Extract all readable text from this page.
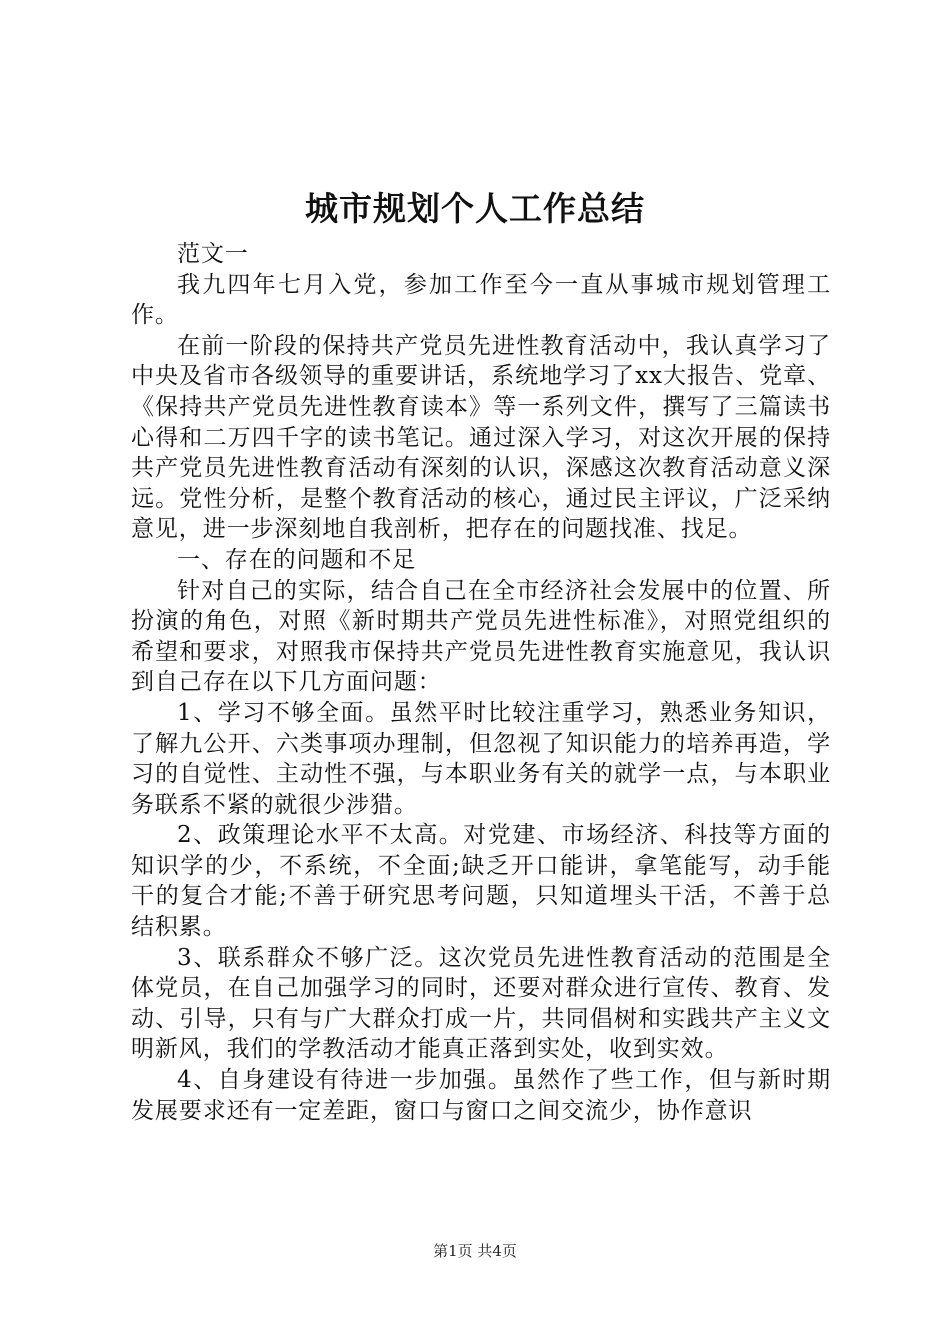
城市规划个人工作总结

范文一

我九四年七月入党，参加工作至今一直从事城市规划管理工作。

在前一阶段的保持共产党员先进性教育活动中，我认真学习了中央及省市各级领导的重要讲话，系统地学习了xx大报告、党章、《保持共产党员先进性教育读本》等一系列文件，撰写了三篇读书心得和二万四千字的读书笔记。通过深入学习，对这次开展的保持共产党员先进性教育活动有深刻的认识，深感这次教育活动意义深远。党性分析，是整个教育活动的核心，通过民主评议，广泛采纳意见，进一步深刻地自我剖析，把存在的问题找准、找足。

一、存在的问题和不足

针对自己的实际，结合自己在全市经济社会发展中的位置、所扮演的角色，对照《新时期共产党员先进性标准》，对照党组织的希望和要求，对照我市保持共产党员先进性教育实施意见，我认识到自己存在以下几方面问题：

1、学习不够全面。虽然平时比较注重学习，熟悉业务知识，了解九公开、六类事项办理制，但忽视了知识能力的培养再造，学习的自觉性、主动性不强，与本职业务有关的就学一点，与本职业务联系不紧的就很少涉猎。

2、政策理论水平不太高。对党建、市场经济、科技等方面的知识学的少，不系统，不全面;缺乏开口能讲，拿笔能写，动手能干的复合才能;不善于研究思考问题，只知道埋头干活，不善于总结积累。

3、联系群众不够广泛。这次党员先进性教育活动的范围是全体党员，在自己加强学习的同时，还要对群众进行宣传、教育、发动、引导，只有与广大群众打成一片，共同倡树和实践共产主义文明新风，我们的学教活动才能真正落到实处，收到实效。

4、自身建设有待进一步加强。虽然作了些工作，但与新时期发展要求还有一定差距，窗口与窗口之间交流少，协作意识

第1页 共4页
